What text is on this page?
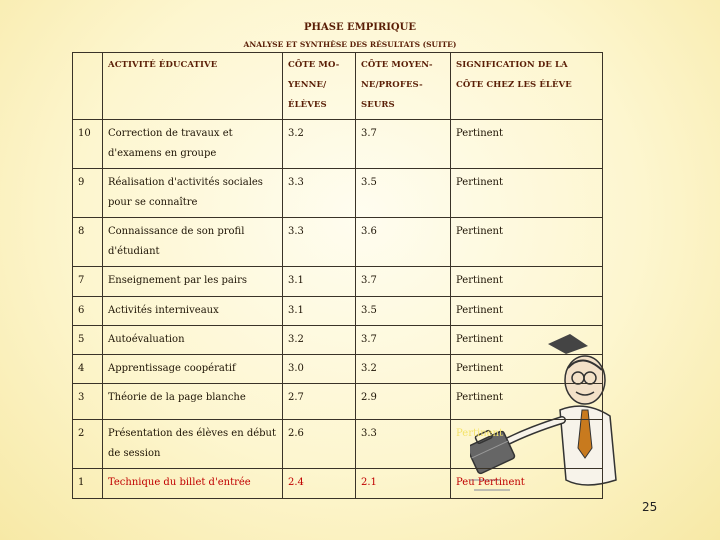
PHASE EMPIRIQUE
ANALYSE ET SYNTHÈSE DES RÉSULTATS (SUITE)
	ACTIVITÉ ÉDUCATIVE	CÔTE MO-YENNE/ ÉLÈVES	CÔTE MOYEN-NE/PROFES-SEURS	SIGNIFICATION DE LA CÔTE CHEZ LES ÉLÈVE
10	Correction de travaux et d'examens en groupe	3.2	3.7	Pertinent
9	Réalisation d'activités sociales pour se connaître	3.3	3.5	Pertinent
8	Connaissance de son profil d'étudiant	3.3	3.6	Pertinent
7	Enseignement par les pairs	3.1	3.7	Pertinent
6	Activités interniveaux	3.1	3.5	Pertinent
5	Autoévaluation	3.2	3.7	Pertinent
4	Apprentissage coopératif	3.0	3.2	Pertinent
3	Théorie de la page blanche	2.7	2.9	Pertinent
2	Présentation des élèves en début de session	2.6	3.3	Pertinent
1	Technique du billet d'entrée	2.4	2.1	Peu Pertinent
25
